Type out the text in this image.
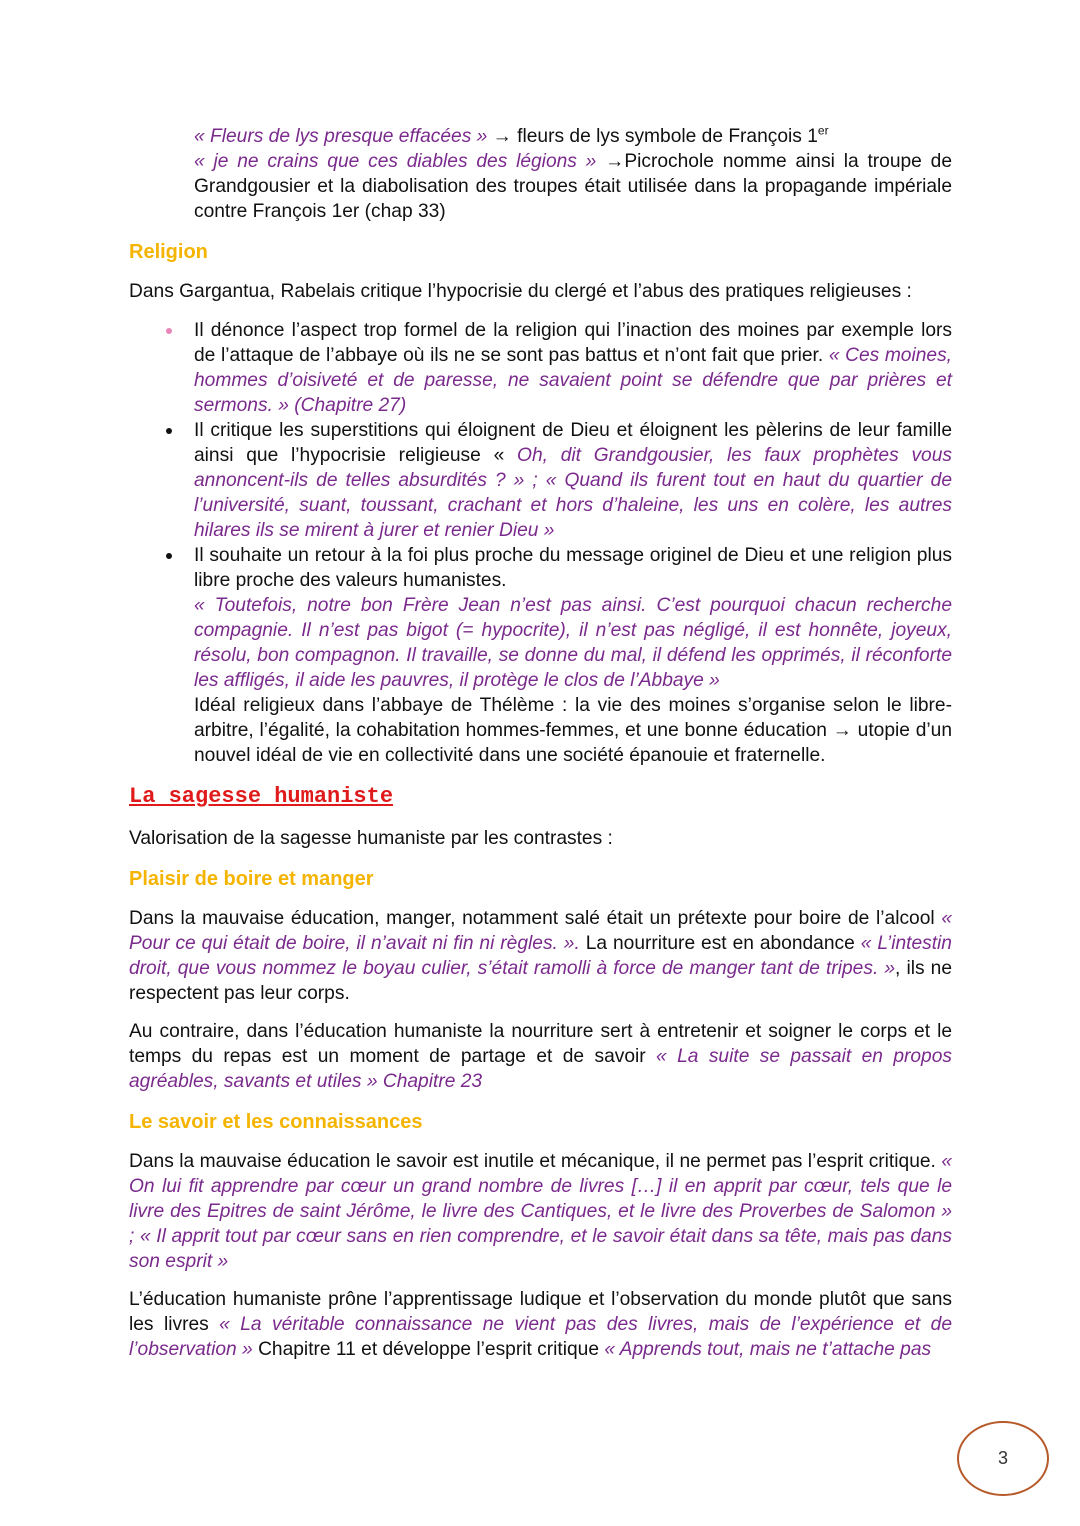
« Fleurs de lys presque effacées » → fleurs de lys symbole de François 1er

« je ne crains que ces diables des légions » →Picrochole nomme ainsi la troupe de Grandgousier et la diabolisation des troupes était utilisée dans la propagande impériale contre François 1er (chap 33)

Religion

Dans Gargantua, Rabelais critique l’hypocrisie du clergé et l’abus des pratiques religieuses :

Il dénonce l’aspect trop formel de la religion qui l’inaction des moines par exemple lors de l’attaque de l’abbaye où ils ne se sont pas battus et n’ont fait que prier. « Ces moines, hommes d’oisiveté et de paresse, ne savaient point se défendre que par prières et sermons. » (Chapitre 27)
Il critique les superstitions qui éloignent de Dieu et éloignent les pèlerins de leur famille ainsi que l’hypocrisie religieuse « Oh, dit Grandgousier, les faux prophètes vous annoncent-ils de telles absurdités ? » ; « Quand ils furent tout en haut du quartier de l’université, suant, toussant, crachant et hors d’haleine, les uns en colère, les autres hilares ils se mirent à jurer et renier Dieu »
Il souhaite un retour à la foi plus proche du message originel de Dieu et une religion plus libre proche des valeurs humanistes.
« Toutefois, notre bon Frère Jean n’est pas ainsi. C’est pourquoi chacun recherche compagnie. Il n’est pas bigot (= hypocrite), il n’est pas négligé, il est honnête, joyeux, résolu, bon compagnon. Il travaille, se donne du mal, il défend les opprimés, il réconforte les affligés, il aide les pauvres, il protège le clos de l’Abbaye »
Idéal religieux dans l’abbaye de Thélème : la vie des moines s’organise selon le libre-arbitre, l’égalité, la cohabitation hommes-femmes, et une bonne éducation → utopie d’un nouvel idéal de vie en collectivité dans une société épanouie et fraternelle.
La sagesse humaniste

Valorisation de la sagesse humaniste par les contrastes :

Plaisir de boire et manger

Dans la mauvaise éducation, manger, notamment salé était un prétexte pour boire de l’alcool « Pour ce qui était de boire, il n’avait ni fin ni règles. ». La nourriture est en abondance « L’intestin droit, que vous nommez le boyau culier, s’était ramolli à force de manger tant de tripes. », ils ne respectent pas leur corps.

Au contraire, dans l’éducation humaniste la nourriture sert à entretenir et soigner le corps et le temps du repas est un moment de partage et de savoir « La suite se passait en propos agréables, savants et utiles » Chapitre 23

Le savoir et les connaissances

Dans la mauvaise éducation le savoir est inutile et mécanique, il ne permet pas l’esprit critique. « On lui fit apprendre par cœur un grand nombre de livres […] il en apprit par cœur, tels que le livre des Epitres de saint Jérôme, le livre des Cantiques, et le livre des Proverbes de Salomon » ; « Il apprit tout par cœur sans en rien comprendre, et le savoir était dans sa tête, mais pas dans son esprit »

L’éducation humaniste prône l’apprentissage ludique et l’observation du monde plutôt que sans les livres « La véritable connaissance ne vient pas des livres, mais de l’expérience et de l’observation » Chapitre 11 et développe l’esprit critique « Apprends tout, mais ne t’attache pas

3
